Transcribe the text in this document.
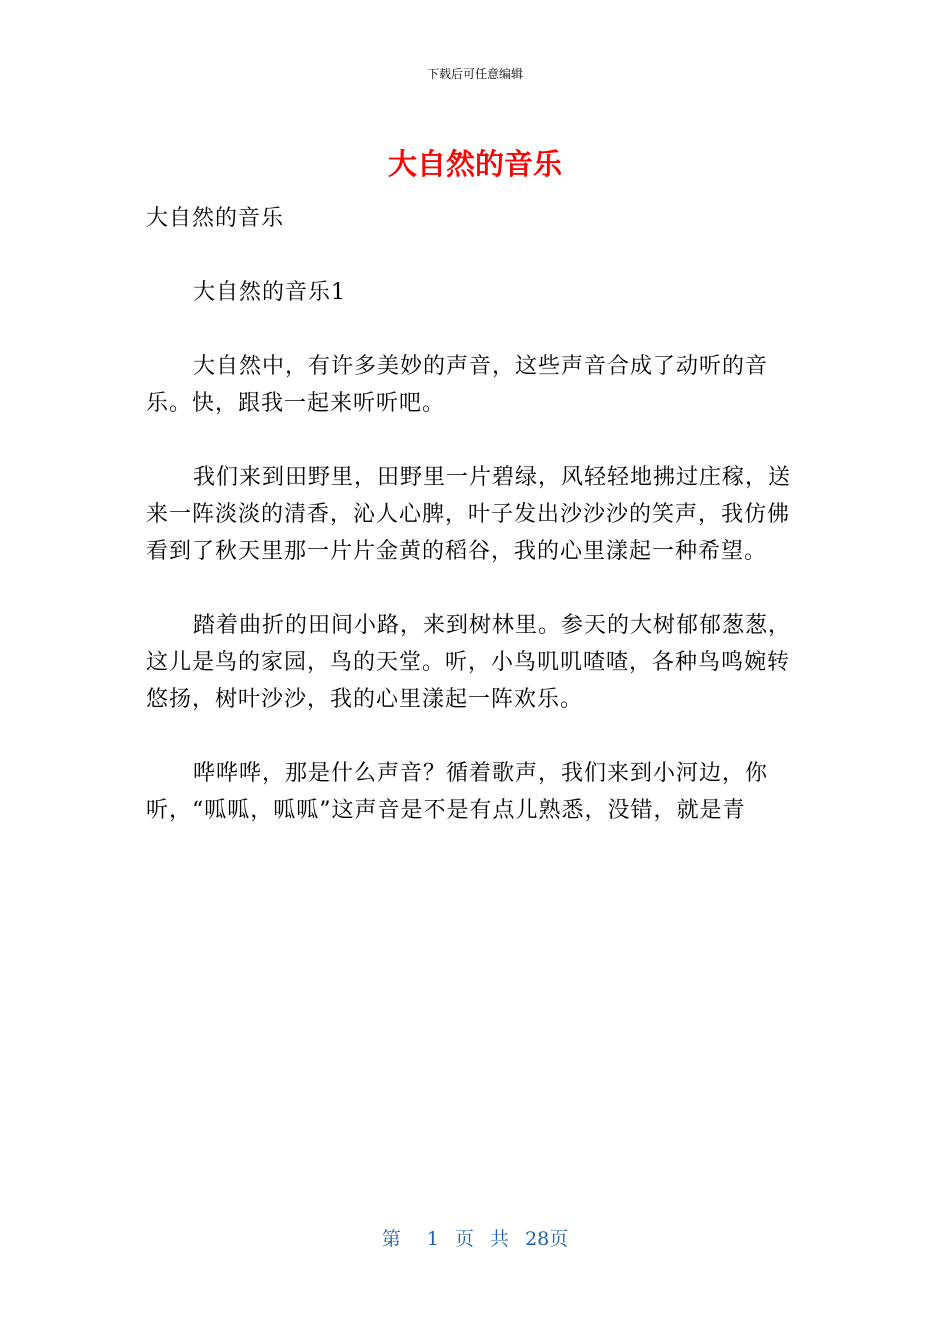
下载后可任意编辑
大自然的音乐

大自然的音乐

大自然的音乐1

大自然中，有许多美妙的声音，这些声音合成了动听的音乐。快，跟我一起来听听吧。

我们来到田野里，田野里一片碧绿，风轻轻地拂过庄稼，送来一阵淡淡的清香，沁人心脾，叶子发出沙沙沙的笑声，我仿佛看到了秋天里那一片片金黄的稻谷，我的心里漾起一种希望。

踏着曲折的田间小路，来到树林里。参天的大树郁郁葱葱，这儿是鸟的家园，鸟的天堂。听，小鸟叽叽喳喳，各种鸟鸣婉转悠扬，树叶沙沙，我的心里漾起一阵欢乐。

哗哗哗，那是什么声音？循着歌声，我们来到小河边，你听，“呱呱，呱呱”这声音是不是有点儿熟悉，没错，就是青

第 1 页 共 28页
